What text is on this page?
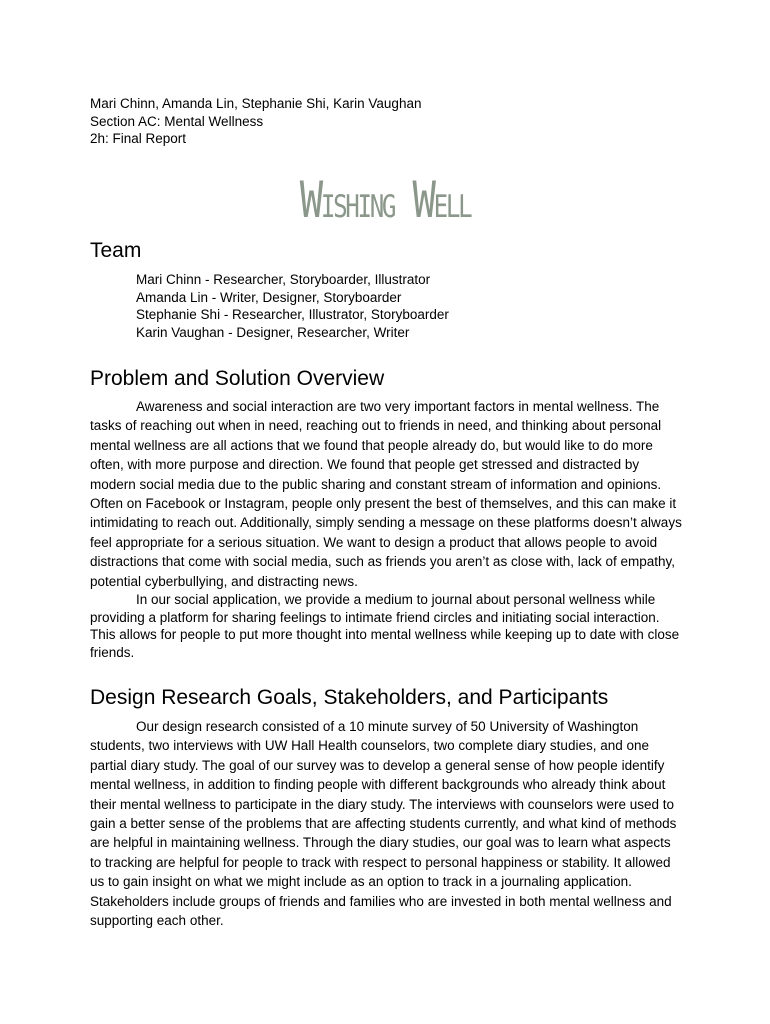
Mari Chinn, Amanda Lin, Stephanie Shi, Karin Vaughan
Section AC: Mental Wellness
2h: Final Report
Wishing Well
Team
Mari Chinn - Researcher, Storyboarder, Illustrator
Amanda Lin - Writer, Designer, Storyboarder
Stephanie Shi - Researcher, Illustrator, Storyboarder
Karin Vaughan - Designer, Researcher, Writer
Problem and Solution Overview

Awareness and social interaction are two very important factors in mental wellness. The tasks of reaching out when in need, reaching out to friends in need, and thinking about personal mental wellness are all actions that we found that people already do, but would like to do more often, with more purpose and direction. We found that people get stressed and distracted by modern social media due to the public sharing and constant stream of information and opinions. Often on Facebook or Instagram, people only present the best of themselves, and this can make it intimidating to reach out. Additionally, simply sending a message on these platforms doesn’t always feel appropriate for a serious situation. We want to design a product that allows people to avoid distractions that come with social media, such as friends you aren’t as close with, lack of empathy, potential cyberbullying, and distracting news.

In our social application, we provide a medium to journal about personal wellness while providing a platform for sharing feelings to intimate friend circles and initiating social interaction. This allows for people to put more thought into mental wellness while keeping up to date with close friends.

Design Research Goals, Stakeholders, and Participants

Our design research consisted of a 10 minute survey of 50 University of Washington students, two interviews with UW Hall Health counselors, two complete diary studies, and one partial diary study. The goal of our survey was to develop a general sense of how people identify mental wellness, in addition to finding people with different backgrounds who already think about their mental wellness to participate in the diary study. The interviews with counselors were used to gain a better sense of the problems that are affecting students currently, and what kind of methods are helpful in maintaining wellness. Through the diary studies, our goal was to learn what aspects to tracking are helpful for people to track with respect to personal happiness or stability. It allowed us to gain insight on what we might include as an option to track in a journaling application. Stakeholders include groups of friends and families who are invested in both mental wellness and supporting each other.
